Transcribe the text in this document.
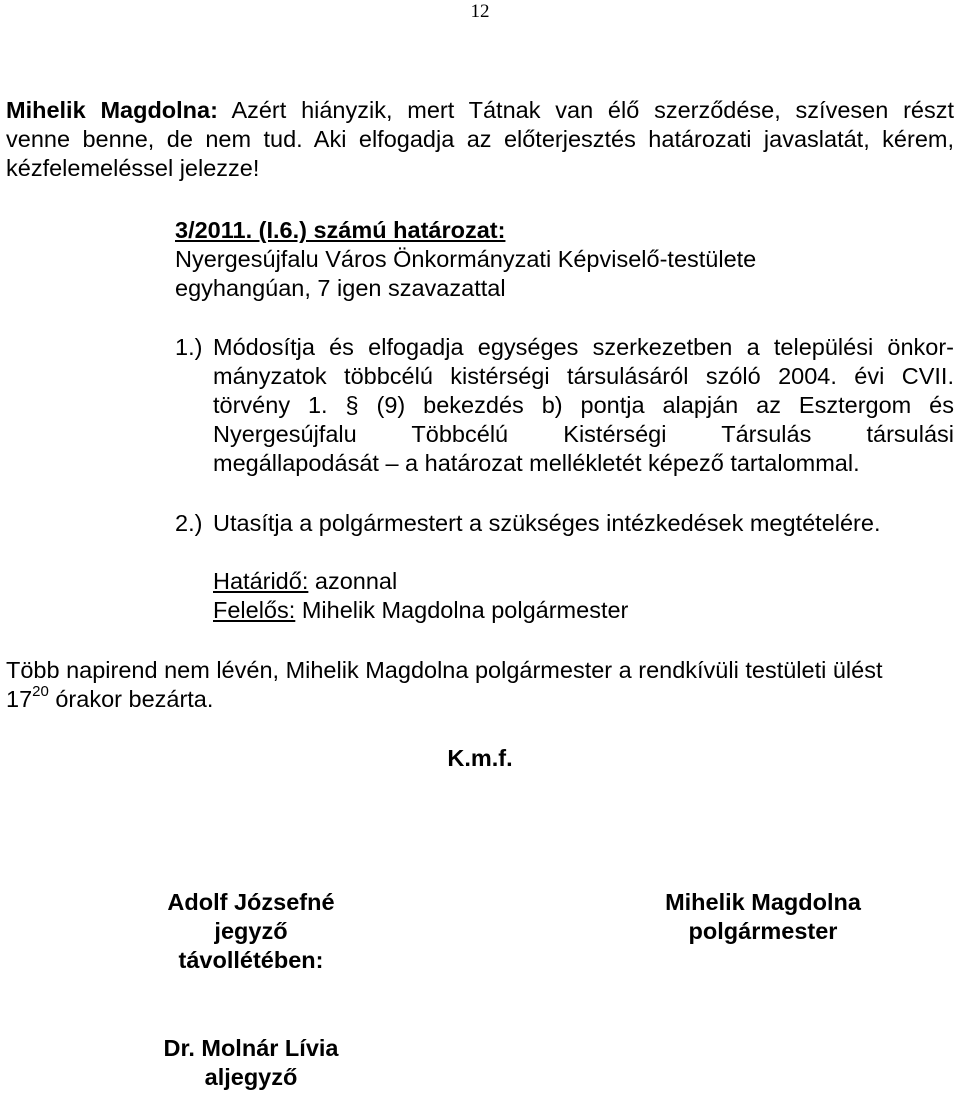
12
Mihelik Magdolna: Azért hiányzik, mert Tátnak van élő szerződése, szívesen részt
venne benne, de nem tud. Aki elfogadja az előterjesztés határozati javaslatát, kérem,
kézfelemeléssel jelezze!
3/2011. (I.6.) számú határozat:
Nyergesújfalu Város Önkormányzati Képviselő-testülete
egyhangúan, 7 igen szavazattal
1.) Módosítja és elfogadja egységes szerkezetben a települési önkor-
mányzatok többcélú kistérségi társulásáról szóló 2004. évi CVII.
törvény 1. § (9) bekezdés b) pontja alapján az Esztergom és
Nyergesújfalu Többcélú Kistérségi Társulás társulási
megállapodását – a határozat mellékletét képező tartalommal.
2.) Utasítja a polgármestert a szükséges intézkedések megtételére.
Határidő: azonnal
Felelős: Mihelik Magdolna polgármester
Több napirend nem lévén, Mihelik Magdolna polgármester a rendkívüli testületi ülést
$17^{20}$ órakor bezárta.
K.m.f.
Adolf Józsefné
jegyző
távollétében:
Mihelik Magdolna
polgármester
Dr. Molnár Lívia
aljegyző
